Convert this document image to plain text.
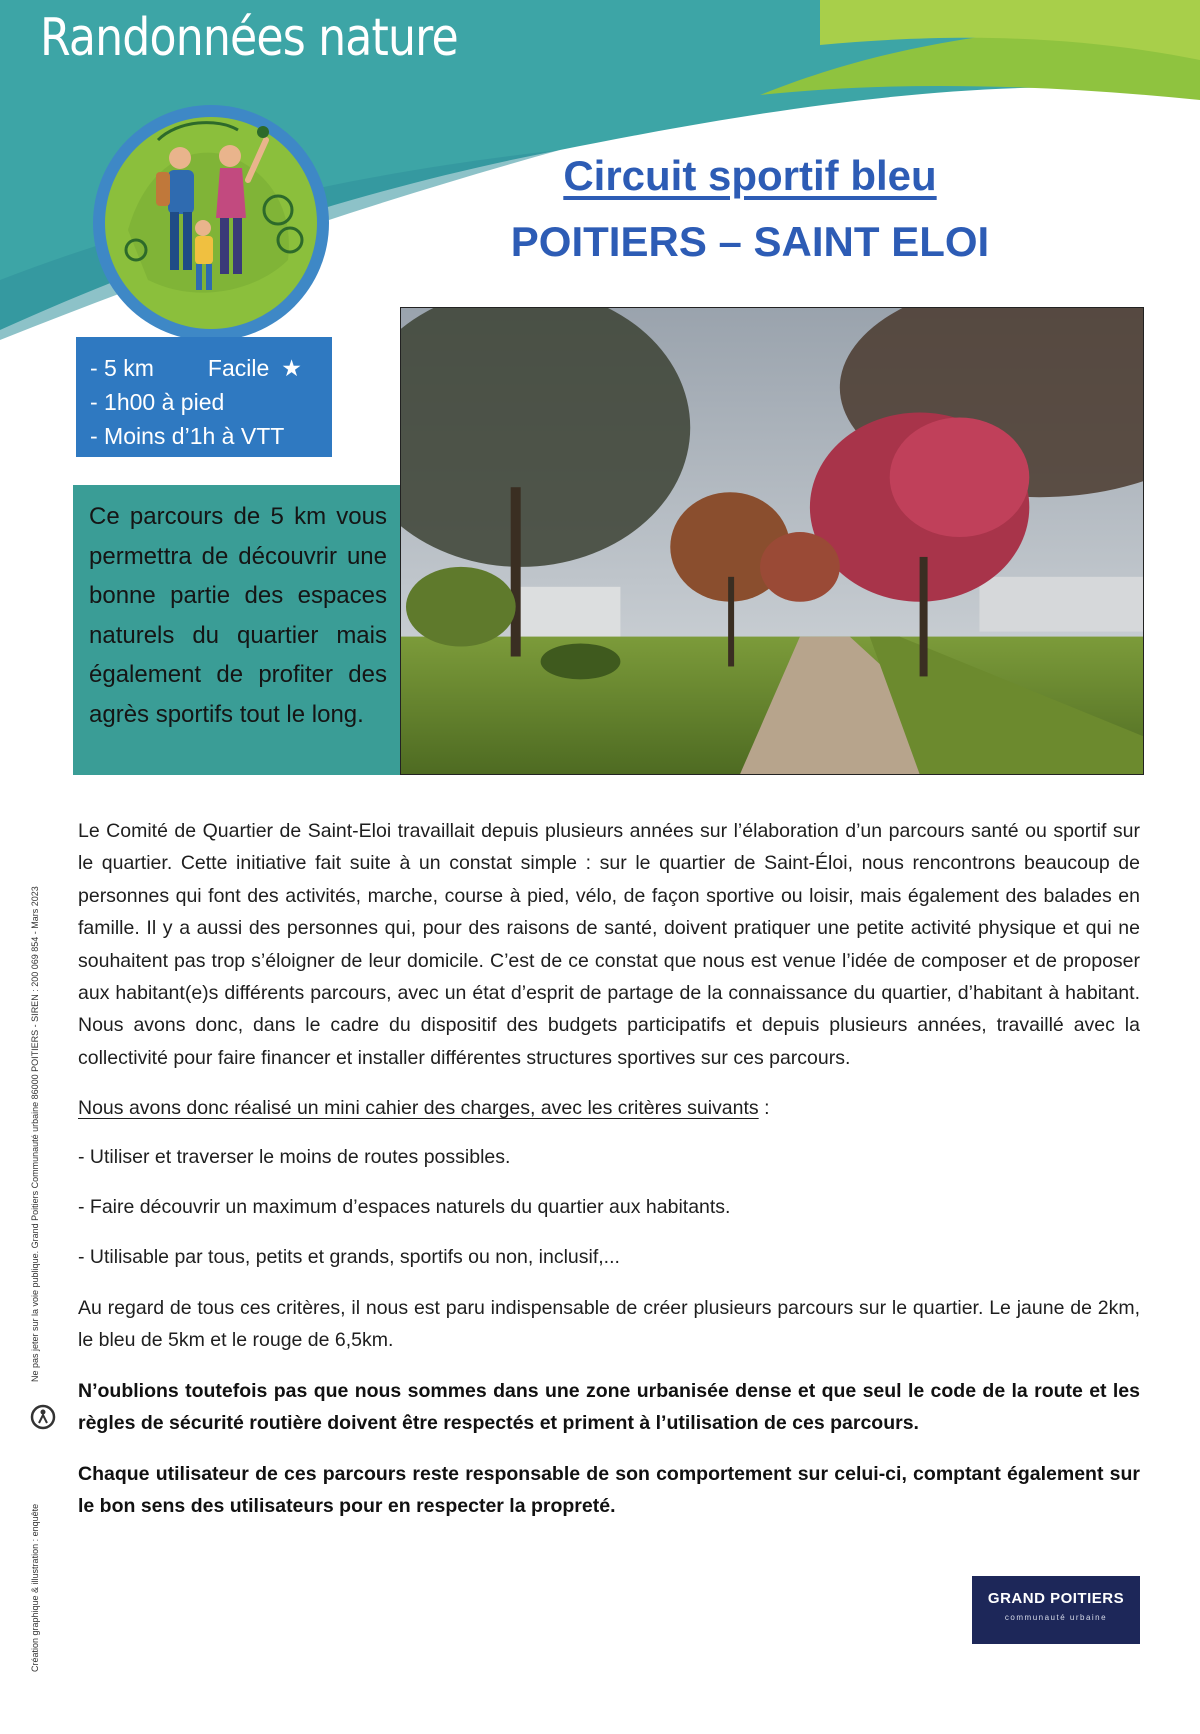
Randonnées nature
- 5 km Facile ★
- 1h00 à pied
- Moins d’1h à VTT
Circuit sportif bleu
POITIERS – SAINT ELOI

Ce parcours de 5 km vous permettra de découvrir une bonne partie des espaces naturels du quartier mais également de profiter des agrès sportifs tout le long.

Ne pas jeter sur la voie publique. Grand Poitiers Communauté urbaine 86000 POITIERS - SIREN : 200 069 854 - Mars 2023
Création graphique & illustration : enquête

Le Comité de Quartier de Saint-Eloi travaillait depuis plusieurs années sur l’élaboration d’un parcours santé ou sportif sur le quartier. Cette initiative fait suite à un constat simple : sur le quartier de Saint-Éloi, nous rencontrons beaucoup de personnes qui font des activités, marche, course à pied, vélo, de façon sportive ou loisir, mais également des balades en famille. Il y a aussi des personnes qui, pour des raisons de santé, doivent pratiquer une petite activité physique et qui ne souhaitent pas trop s’éloigner de leur domicile. C’est de ce constat que nous est venue l’idée de composer et de proposer aux habitant(e)s différents parcours, avec un état d’esprit de partage de la connaissance du quartier, d’habitant à habitant. Nous avons donc, dans le cadre du dispositif des budgets participatifs et depuis plusieurs années, travaillé avec la collectivité pour faire financer et installer différentes structures sportives sur ces parcours.

Nous avons donc réalisé un mini cahier des charges, avec les critères suivants :

- Utiliser et traverser le moins de routes possibles.

- Faire découvrir un maximum d’espaces naturels du quartier aux habitants.

- Utilisable par tous, petits et grands, sportifs ou non, inclusif,...

Au regard de tous ces critères, il nous est paru indispensable de créer plusieurs parcours sur le quartier. Le jaune de 2km, le bleu de 5km et le rouge de 6,5km.

N’oublions toutefois pas que nous sommes dans une zone urbanisée dense et que seul le code de la route et les règles de sécurité routière doivent être respectés et priment à l’utilisation de ces parcours.

Chaque utilisateur de ces parcours reste responsable de son comportement sur celui-ci, comptant également sur le bon sens des utilisateurs pour en respecter la propreté.

GRAND POITIERS
communauté urbaine
